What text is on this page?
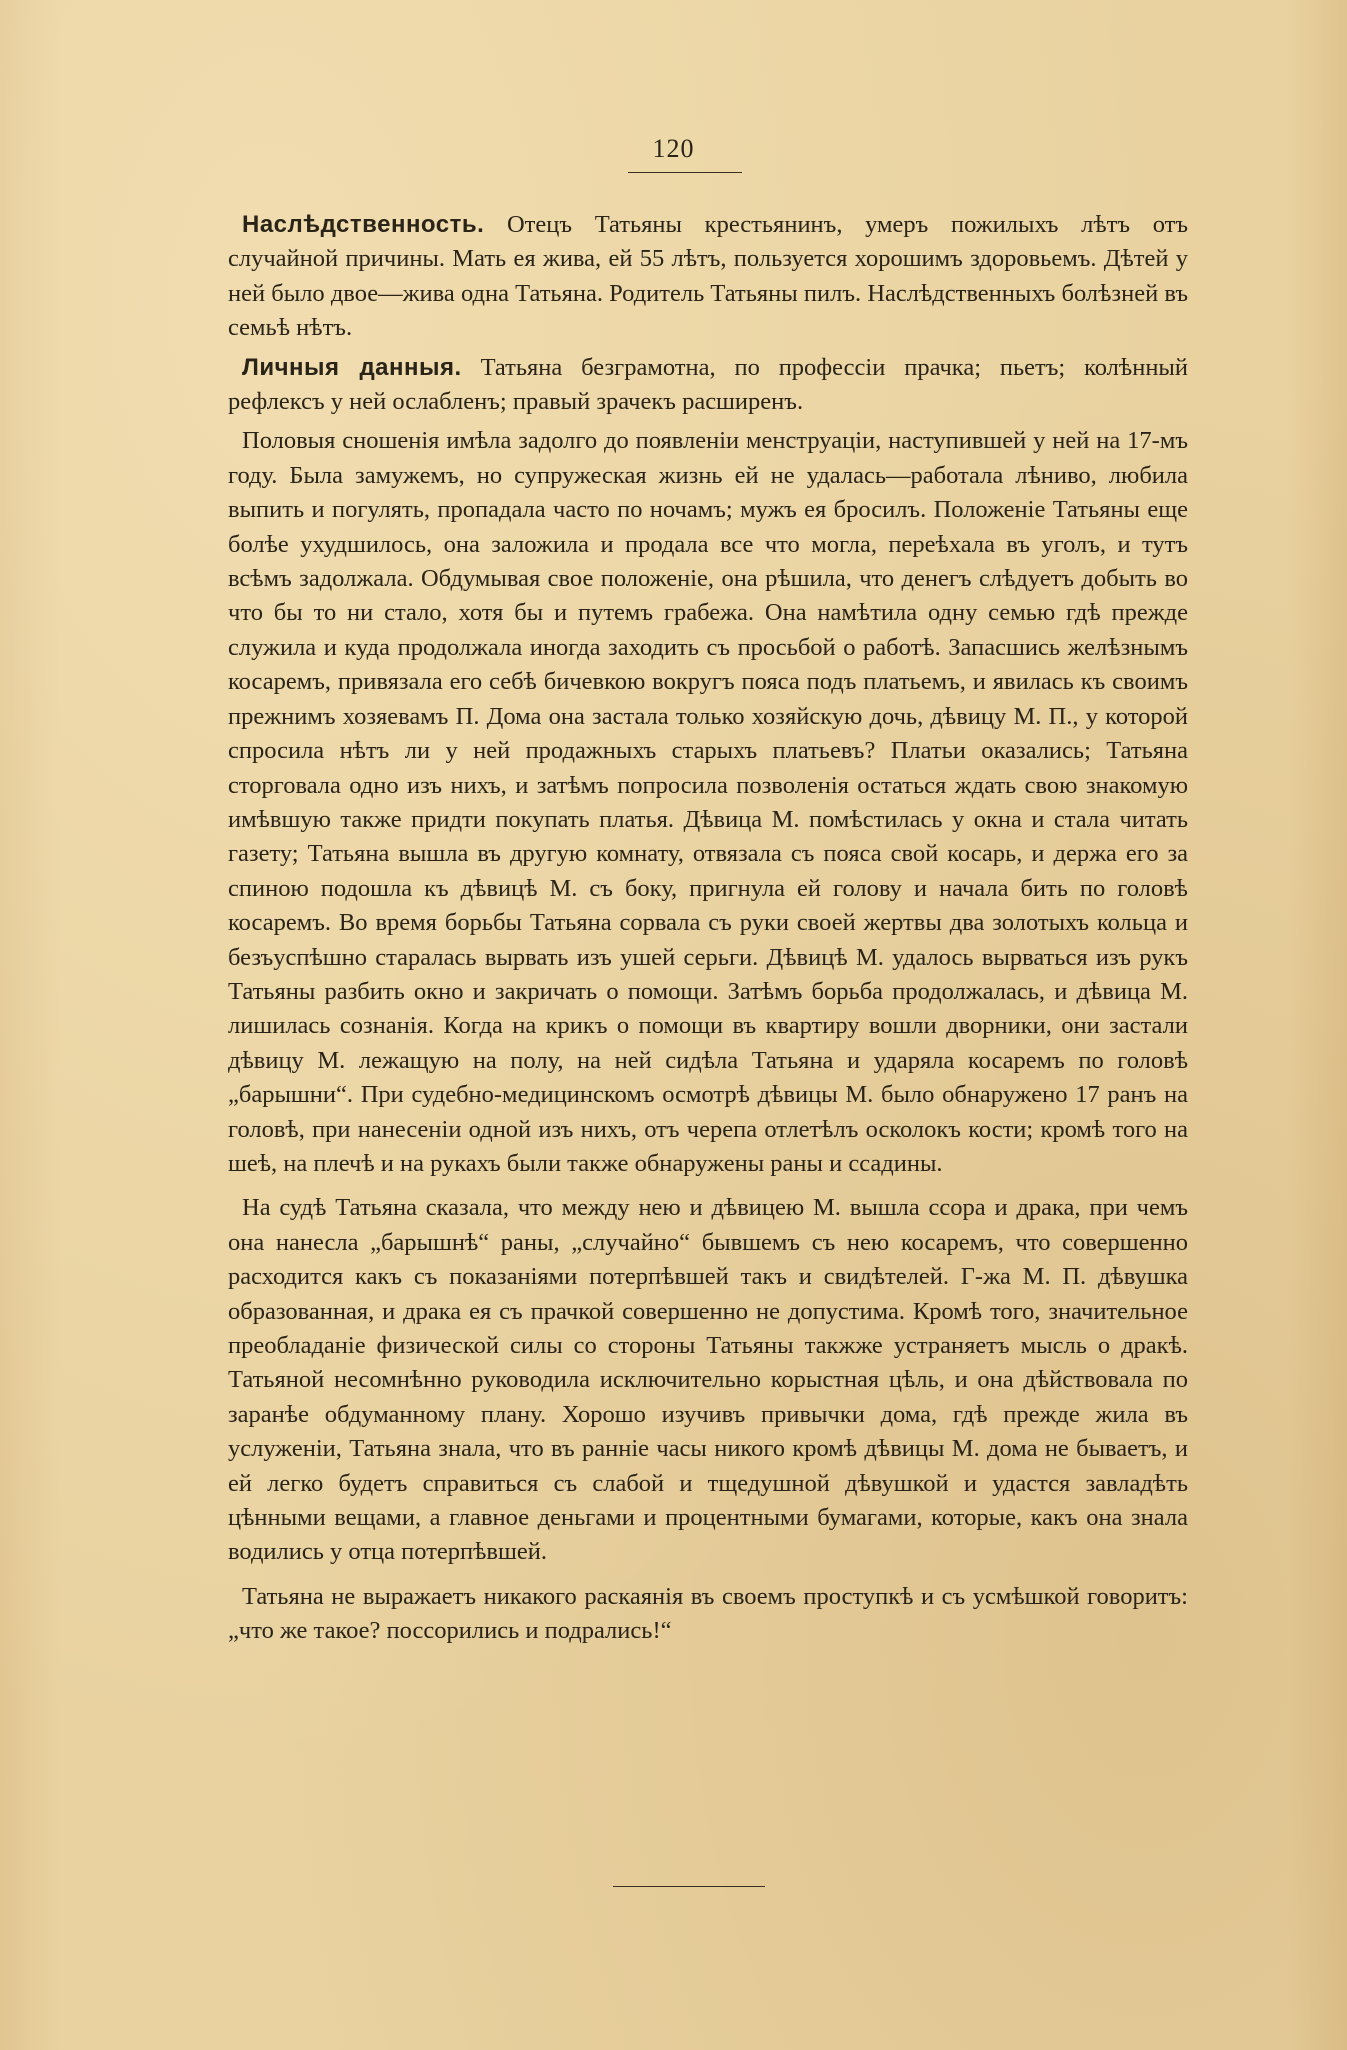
120

Наслѣдственность. Отецъ Татьяны крестьянинъ, умеръ пожилыхъ лѣтъ отъ случайной причины. Мать ея жива, ей 55 лѣтъ, пользуется хорошимъ здоровьемъ. Дѣтей у ней было двое—жива одна Татьяна. Родитель Татьяны пилъ. Наслѣдственныхъ болѣзней въ семьѣ нѣтъ.

Личныя данныя. Татьяна безграмотна, по профессіи прачка; пьетъ; колѣнный рефлексъ у ней ослабленъ; правый зрачекъ расширенъ.

Половыя сношенія имѣла задолго до появленіи менструаціи, наступившей у ней на 17-мъ году. Была замужемъ, но супружеская жизнь ей не удалась—работала лѣниво, любила выпить и погулять, пропадала часто по ночамъ; мужъ ея бросилъ. Положеніе Татьяны еще болѣе ухудшилось, она заложила и продала все что могла, переѣхала въ уголъ, и тутъ всѣмъ задолжала. Обдумывая свое положеніе, она рѣшила, что денегъ слѣдуетъ добыть во что бы то ни стало, хотя бы и путемъ грабежа. Она намѣтила одну семью гдѣ прежде служила и куда продолжала иногда заходить съ просьбой о работѣ. Запасшись желѣзнымъ косаремъ, привязала его себѣ бичевкою вокругъ пояса подъ платьемъ, и явилась къ своимъ прежнимъ хозяевамъ П. Дома она застала только хозяйскую дочь, дѣвицу М. П., у которой спросила нѣтъ ли у ней продажныхъ старыхъ платьевъ? Платьи оказались; Татьяна сторговала одно изъ нихъ, и затѣмъ попросила позволенія остаться ждать свою знакомую имѣвшую также придти покупать платья. Дѣвица М. помѣстилась у окна и стала читать газету; Татьяна вышла въ другую комнату, отвязала съ пояса свой косарь, и держа его за спиною подошла къ дѣвицѣ М. съ боку, пригнула ей голову и начала бить по головѣ косаремъ. Во время борьбы Татьяна сорвала съ руки своей жертвы два золотыхъ кольца и безъуспѣшно старалась вырвать изъ ушей серьги. Дѣвицѣ М. удалось вырваться изъ рукъ Татьяны разбить окно и закричать о помощи. Затѣмъ борьба продолжалась, и дѣвица М. лишилась сознанія. Когда на крикъ о помощи въ квартиру вошли дворники, они застали дѣвицу М. лежащую на полу, на ней сидѣла Татьяна и ударяла косаремъ по головѣ „барышни“. При судебно-медицинскомъ осмотрѣ дѣвицы М. было обнаружено 17 ранъ на головѣ, при нанесеніи одной изъ нихъ, отъ черепа отлетѣлъ осколокъ кости; кромѣ того на шеѣ, на плечѣ и на рукахъ были также обнаружены раны и ссадины.

На судѣ Татьяна сказала, что между нею и дѣвицею М. вышла ссора и драка, при чемъ она нанесла „барышнѣ“ раны, „случайно“ бывшемъ съ нею косаремъ, что совершенно расходится какъ съ показаніями потерпѣвшей такъ и свидѣтелей. Г-жа М. П. дѣвушка образованная, и драка ея съ прачкой совершенно не допустима. Кромѣ того, значительное преобладаніе физической силы со стороны Татьяны такжже устраняетъ мысль о дракѣ. Татьяной несомнѣнно руководила исключительно корыстная цѣль, и она дѣйствовала по заранѣе обдуманному плану. Хорошо изучивъ привычки дома, гдѣ прежде жила въ услуженіи, Татьяна знала, что въ ранніе часы никого кромѣ дѣвицы М. дома не бываетъ, и ей легко будетъ справиться съ слабой и тщедушной дѣвушкой и удастся завладѣть цѣнными вещами, а главное деньгами и процентными бумагами, которые, какъ она знала водились у отца потерпѣвшей.

Татьяна не выражаетъ никакого раскаянія въ своемъ проступкѣ и съ усмѣшкой говоритъ: „что же такое? поссорились и подрались!“
